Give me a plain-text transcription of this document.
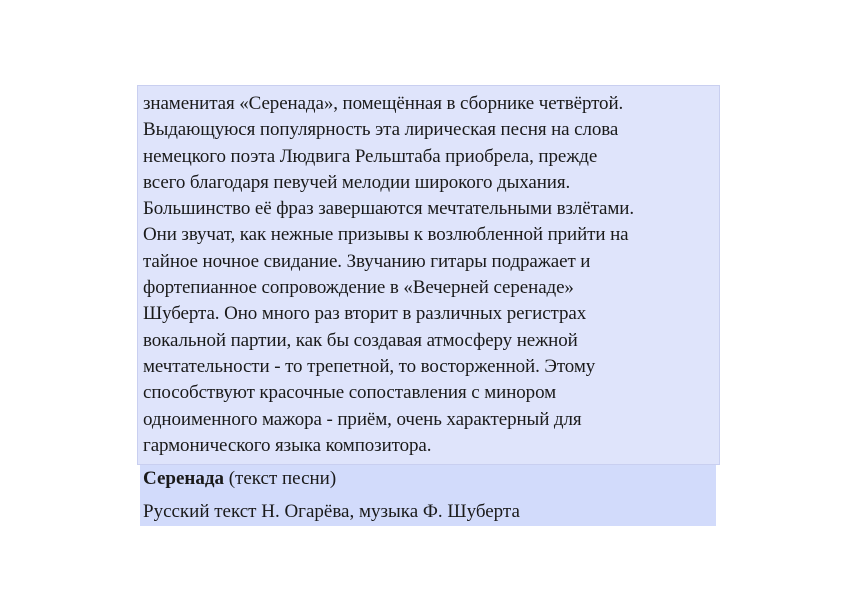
знаменитая «Серенада», помещённая в сборнике четвёртой.
Выдающуюся популярность эта лирическая песня на слова
немецкого поэта Людвига Рельштаба приобрела, прежде
всего благодаря певучей мелодии широкого дыхания.
Большинство её фраз завершаются мечтательными взлётами.
Они звучат, как нежные призывы к возлюбленной прийти на
тайное ночное свидание. Звучанию гитары подражает и
фортепианное сопровождение в «Вечерней серенаде»
Шуберта. Оно много раз вторит в различных регистрах
вокальной партии, как бы создавая атмосферу нежной
мечтательности - то трепетной, то восторженной. Этому
способствуют красочные сопоставления с минором
одноименного мажора - приём, очень характерный для
гармонического языка композитора.
Серенада (текст песни)
Русский текст Н. Огарёва, музыка Ф. Шуберта
